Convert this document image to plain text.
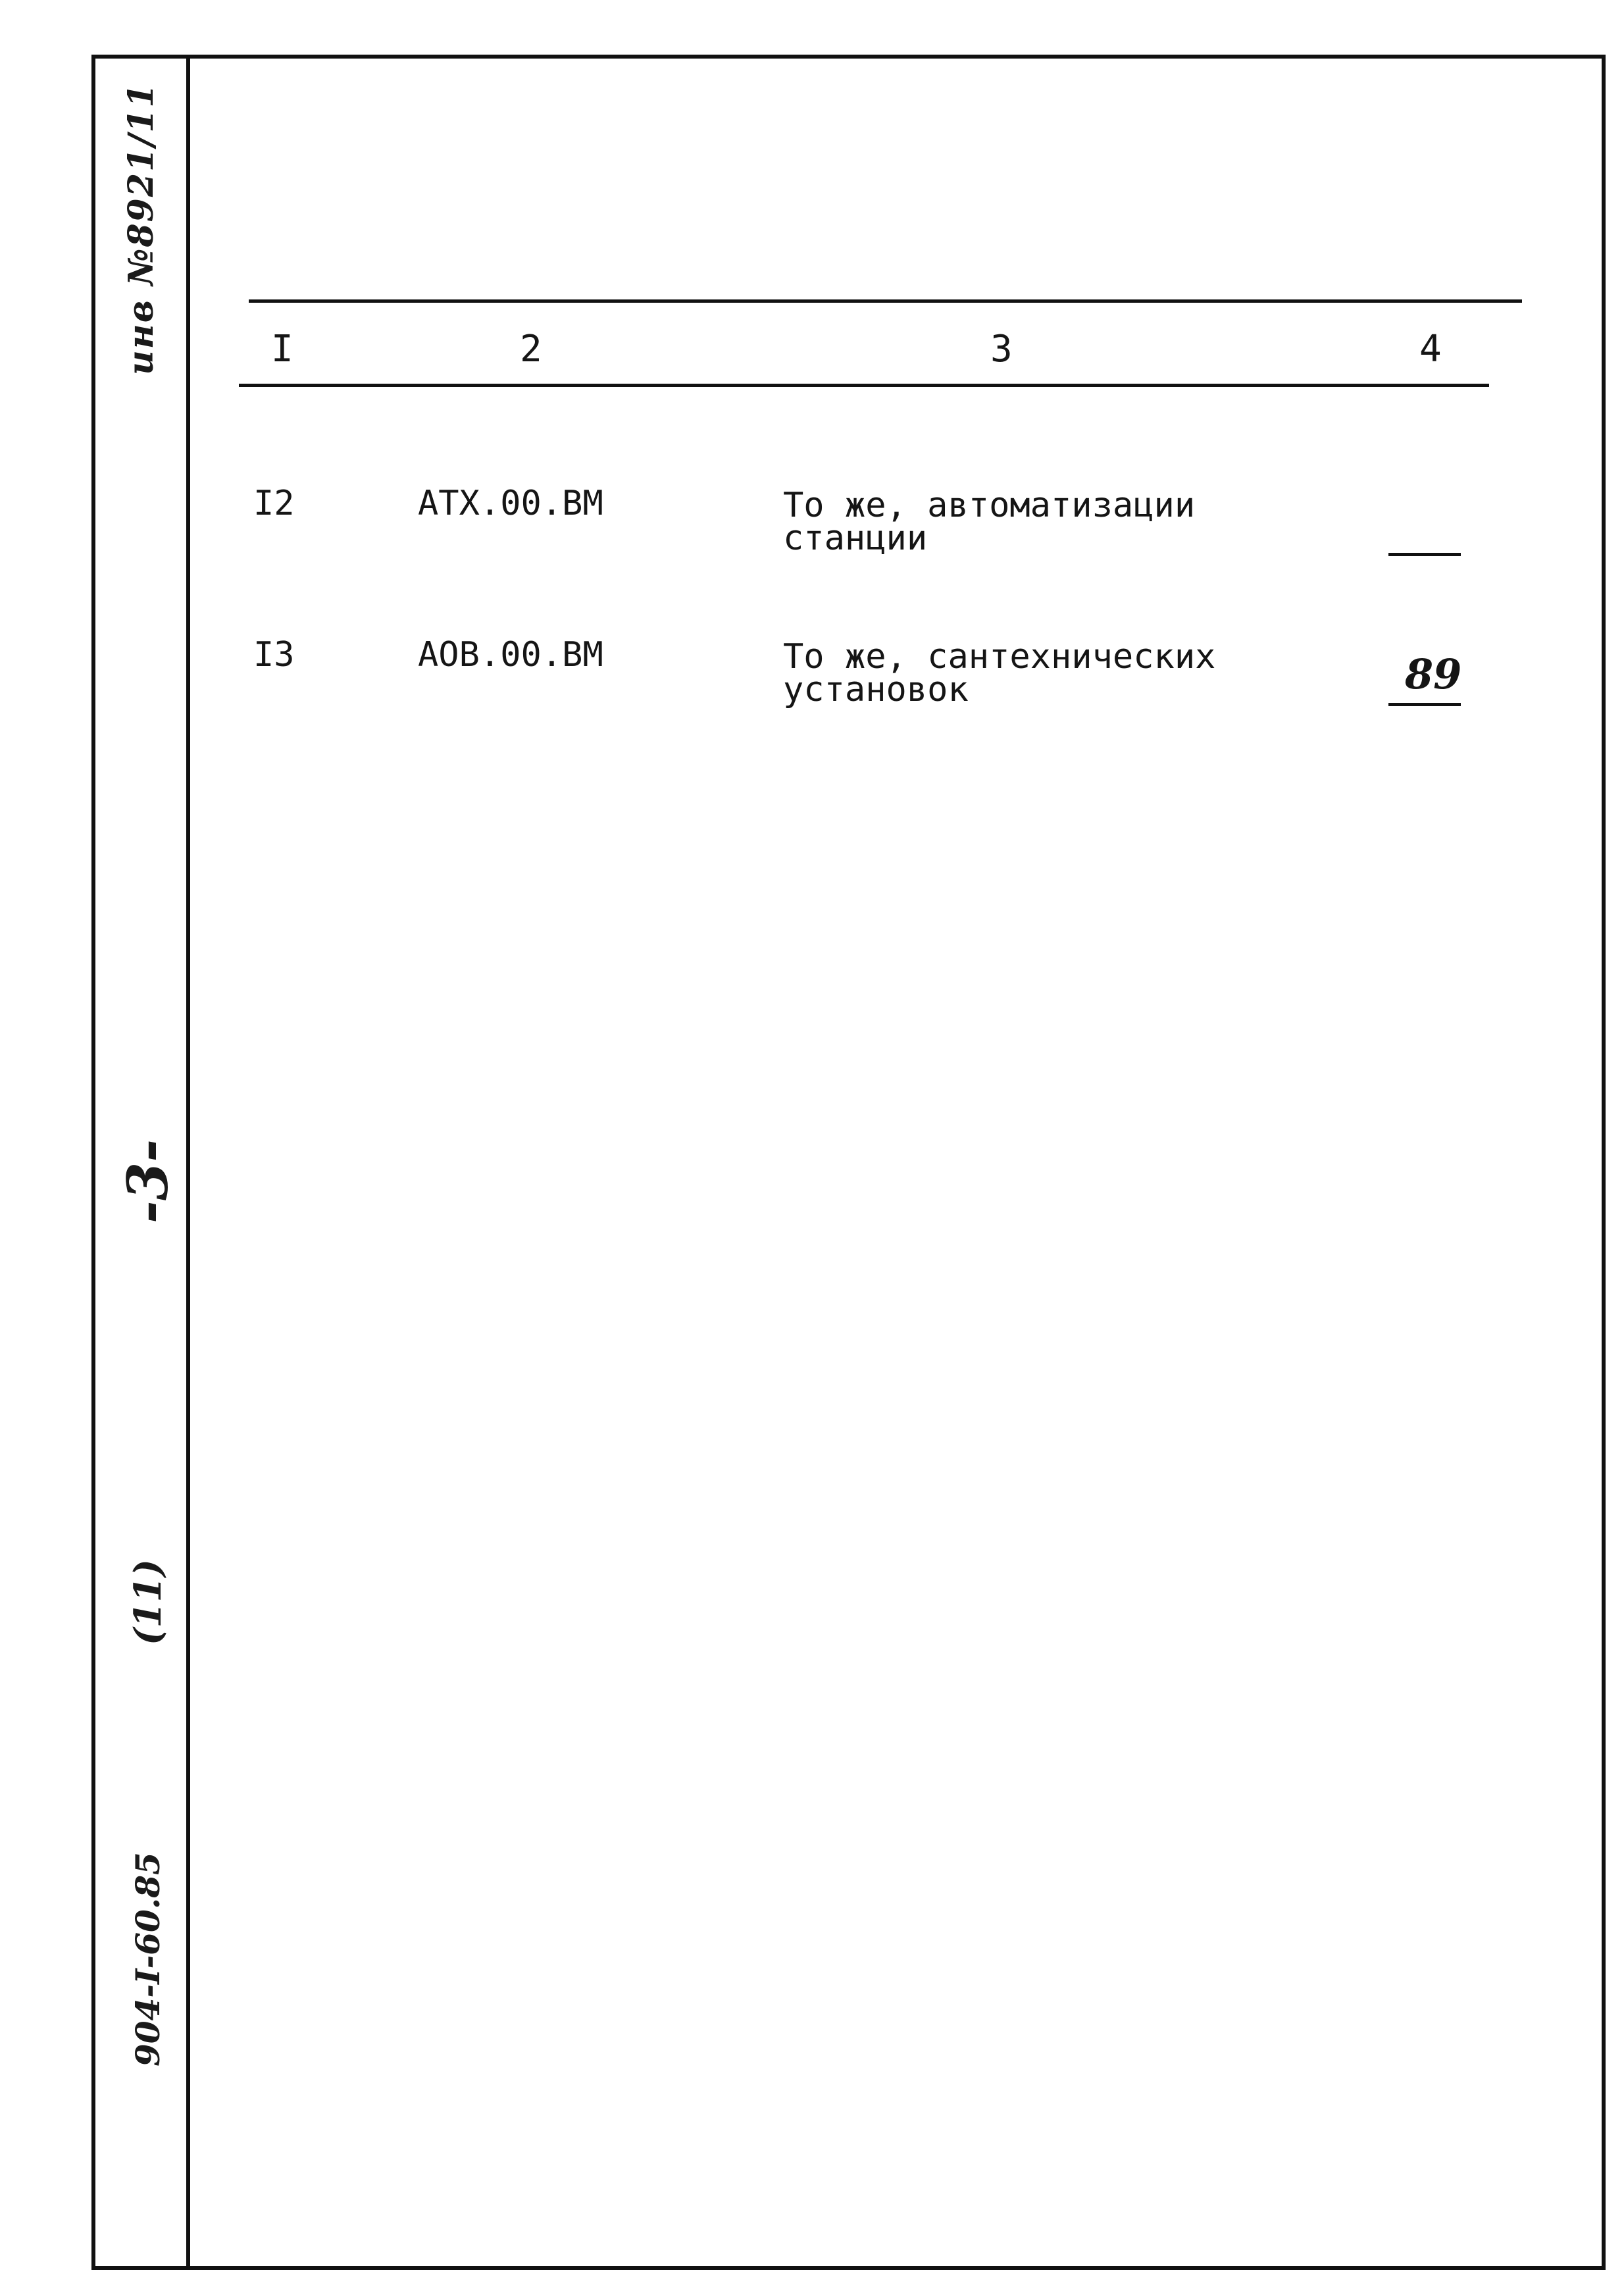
инв №8921/11
-3-
(11)
904-I-60.85
I	2	3	4
I2	АТХ.00.ВМ	То же, автоматизации
станции
I3	АОВ.00.ВМ	То же, сантехнических
установок	89
